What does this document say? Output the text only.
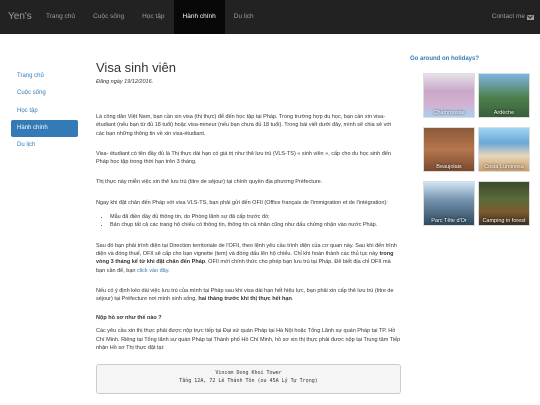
Yen's	Trang chủ	Cuộc sống	Học tập	Hành chính	Du lịch	Contact me
Trang chủ
Cuộc sống
Học tập
Hành chính
Du lịch
Visa sinh viên
Đăng ngày 19/12/2016.

Là công dân Việt Nam, bạn cần xin visa (thị thực) để đến học tập tại Pháp. Trong trường hợp du học, bạn cần xin visa-étudiant (nếu bạn từ đủ 18 tuổi) hoặc visa-mineur (nếu bạn chưa đủ 18 tuổi). Trong bài viết dưới đây, mình sẽ chia sẻ với các bạn những thông tin về xin visa-étudiant.

Visa- étudiant có tên đầy đủ là Thị thực dài hạn có giá trị như thẻ lưu trú (VLS-TS) « sinh viên », cấp cho du học sinh đến Pháp học tập trong thời hạn trên 3 tháng.

Thị thực này miễn việc xin thẻ lưu trú (titre de séjour) tại chính quyền địa phương Préfecture.

Ngay khi đặt chân đến Pháp với visa VLS-TS, bạn phải gửi đến OFII (Office français de l'immigration et de l'intégration):

• Mẫu đã điền đầy đủ thông tin, do Phòng lãnh sự đã cấp trước đó;
• Bản chụp tất cả các trang hộ chiếu có thông tin, thông tin cá nhân cũng như dấu chứng nhận vào nước Pháp.

Sau đó bạn phải trình diện tại Direction territoriale de l'OFII, theo lệnh yêu cầu trình diện của cơ quan này. Sau khi đến trình diện và đóng thuế, OFII sẽ cấp cho bạn vignette (tem) và đóng dấu lên hộ chiếu. Chỉ khi hoàn thành các thủ tục này trong vòng 3 tháng kể từ khi đặt chân đến Pháp. OFII mới chính thức cho phép bạn lưu trú tại Pháp. Để biết địa chỉ OFII mà bạn cần để, bạn click vào đây.

Nếu có ý định kéo dài việc lưu trú của mình tại Pháp sau khi visa dài hạn hết hiệu lực, bạn phải xin cấp thẻ lưu trú (titre de séjour) tại Préfecture nơi mình sinh sống, hai tháng trước khi thị thực hết hạn.

Nộp hồ sơ như thế nào ?

Các yêu cầu xin thị thực phải được nộp trực tiếp tại Đại sứ quán Pháp tại Hà Nội hoặc Tổng Lãnh sự quán Pháp tại TP. Hồ Chí Minh. Riêng tại Tổng lãnh sự quán Pháp tại Thành phố Hồ Chí Minh, hồ sơ xin thị thực phải được nộp tại Trung tâm Tiếp nhận Hồ sơ Thị thực đặt tại:

Vincom Dong Khoi Tower
Tầng 12A, 72 Lê Thánh Tôn (ou 45A Lý Tự Trọng)
Go around on holidays?
Chamrousse	Ardèche
Beaujolais	Costa Luminosa
Parc Tête d'Or	Camping in forest
